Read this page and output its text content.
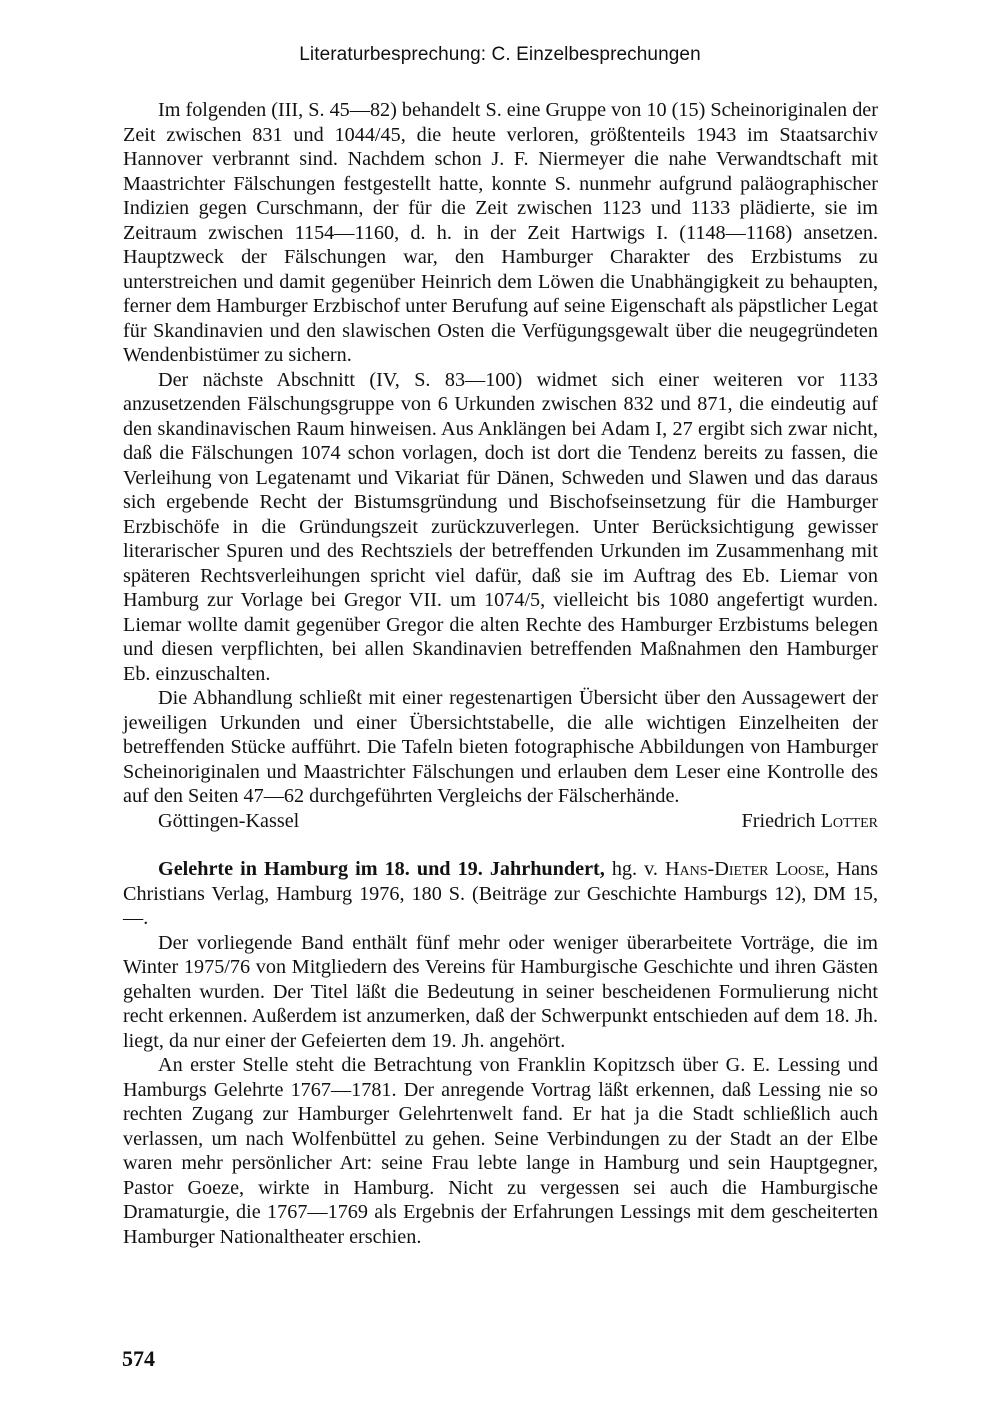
Literaturbesprechung: C. Einzelbesprechungen

Im folgenden (III, S. 45—82) behandelt S. eine Gruppe von 10 (15) Scheinoriginalen der Zeit zwischen 831 und 1044/45, die heute verloren, größtenteils 1943 im Staatsarchiv Hannover verbrannt sind. Nachdem schon J. F. Niermeyer die nahe Verwandtschaft mit Maastrichter Fälschungen festgestellt hatte, konnte S. nunmehr aufgrund paläographischer Indizien gegen Curschmann, der für die Zeit zwischen 1123 und 1133 plädierte, sie im Zeitraum zwischen 1154—1160, d. h. in der Zeit Hartwigs I. (1148—1168) ansetzen. Hauptzweck der Fälschungen war, den Hamburger Charakter des Erzbistums zu unterstreichen und damit gegenüber Heinrich dem Löwen die Unabhängigkeit zu behaupten, ferner dem Hamburger Erzbischof unter Berufung auf seine Eigenschaft als päpstlicher Legat für Skandinavien und den slawischen Osten die Verfügungsgewalt über die neugegründeten Wendenbistümer zu sichern.

Der nächste Abschnitt (IV, S. 83—100) widmet sich einer weiteren vor 1133 anzusetzenden Fälschungsgruppe von 6 Urkunden zwischen 832 und 871, die eindeutig auf den skandinavischen Raum hinweisen. Aus Anklängen bei Adam I, 27 ergibt sich zwar nicht, daß die Fälschungen 1074 schon vorlagen, doch ist dort die Tendenz bereits zu fassen, die Verleihung von Legatenamt und Vikariat für Dänen, Schweden und Slawen und das daraus sich ergebende Recht der Bistumsgründung und Bischofseinsetzung für die Hamburger Erzbischöfe in die Gründungszeit zurückzuverlegen. Unter Berücksichtigung gewisser literarischer Spuren und des Rechtsziels der betreffenden Urkunden im Zusammenhang mit späteren Rechtsverleihungen spricht viel dafür, daß sie im Auftrag des Eb. Liemar von Hamburg zur Vorlage bei Gregor VII. um 1074/5, vielleicht bis 1080 angefertigt wurden. Liemar wollte damit gegenüber Gregor die alten Rechte des Hamburger Erzbistums belegen und diesen verpflichten, bei allen Skandinavien betreffenden Maßnahmen den Hamburger Eb. einzuschalten.

Die Abhandlung schließt mit einer regestenartigen Übersicht über den Aussagewert der jeweiligen Urkunden und einer Übersichtstabelle, die alle wichtigen Einzelheiten der betreffenden Stücke aufführt. Die Tafeln bieten fotographische Abbildungen von Hamburger Scheinoriginalen und Maastrichter Fälschungen und erlauben dem Leser eine Kontrolle des auf den Seiten 47—62 durchgeführten Vergleichs der Fälscherhände.

Göttingen-Kassel	Friedrich Lotter

Gelehrte in Hamburg im 18. und 19. Jahrhundert, hg. v. Hans-Dieter Loose, Hans Christians Verlag, Hamburg 1976, 180 S. (Beiträge zur Geschichte Hamburgs 12), DM 15,—.

Der vorliegende Band enthält fünf mehr oder weniger überarbeitete Vorträge, die im Winter 1975/76 von Mitgliedern des Vereins für Hamburgische Geschichte und ihren Gästen gehalten wurden. Der Titel läßt die Bedeutung in seiner bescheidenen Formulierung nicht recht erkennen. Außerdem ist anzumerken, daß der Schwerpunkt entschieden auf dem 18. Jh. liegt, da nur einer der Gefeierten dem 19. Jh. angehört.

An erster Stelle steht die Betrachtung von Franklin Kopitzsch über G. E. Lessing und Hamburgs Gelehrte 1767—1781. Der anregende Vortrag läßt erkennen, daß Lessing nie so rechten Zugang zur Hamburger Gelehrtenwelt fand. Er hat ja die Stadt schließlich auch verlassen, um nach Wolfenbüttel zu gehen. Seine Verbindungen zu der Stadt an der Elbe waren mehr persönlicher Art: seine Frau lebte lange in Hamburg und sein Hauptgegner, Pastor Goeze, wirkte in Hamburg. Nicht zu vergessen sei auch die Hamburgische Dramaturgie, die 1767—1769 als Ergebnis der Erfahrungen Lessings mit dem gescheiterten Hamburger Nationaltheater erschien.

574
